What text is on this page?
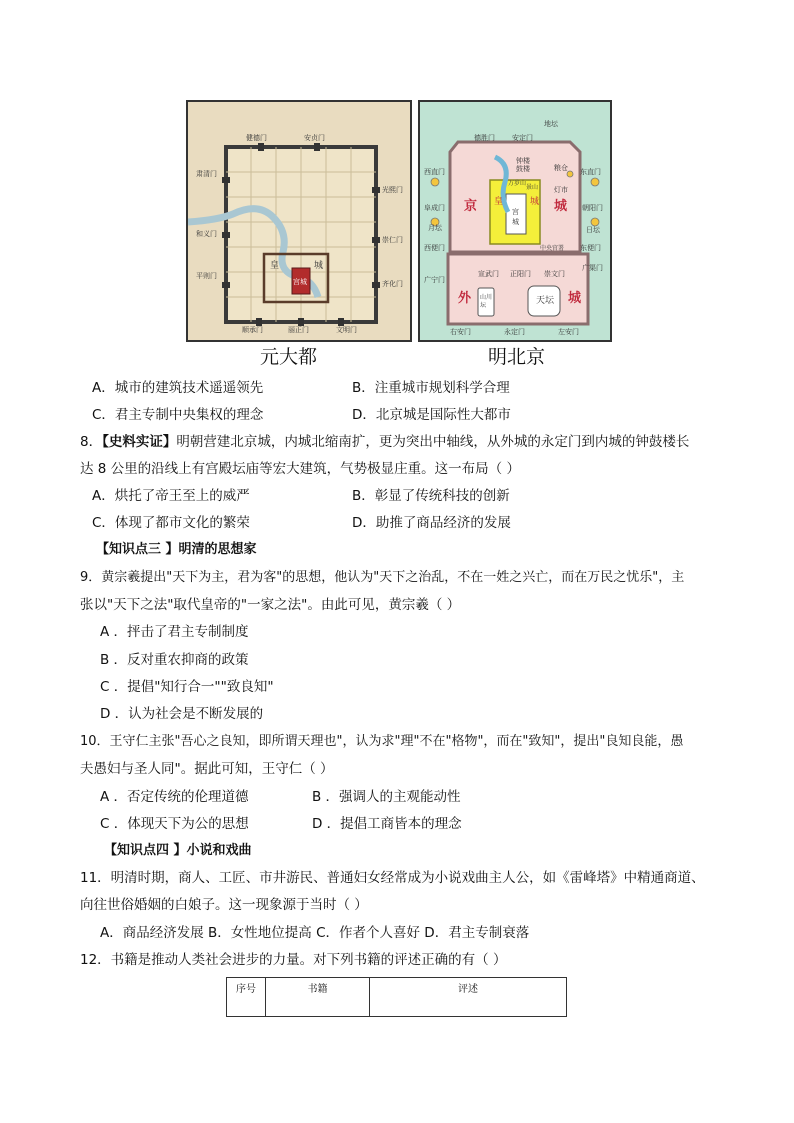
健德门	安贞门
肃清门
和义门
平则门
光熙门
崇仁门
齐化门
顺承门	丽正门	文明门
皇	城
宫城
德胜门 安定门
地坛
钟楼
鼓楼
景山
万岁山
西直门
阜成门
月坛
西便门
广宁门
东直门
朝阳门
日坛
东便门
广渠门
京	城
皇	城
宫
城
粮仓
灯市
中央官署
宣武门 正阳门 崇文门
外	城
山川坛	天坛
右安门	永定门	左安门
元大都	明北京
A．城市的建筑技术遥遥领先	B．注重城市规划科学合理
C．君主专制中央集权的理念	D．北京城是国际性大都市
8．【史料实证】明朝营建北京城，内城北缩南扩，更为突出中轴线，从外城的永定门到内城的钟鼓楼长
达 8 公里的沿线上有宫殿坛庙等宏大建筑，气势极显庄重。这一布局（ ）
A．烘托了帝王至上的威严	B．彰显了传统科技的创新
C．体现了都市文化的繁荣	D．助推了商品经济的发展
【知识点三 】明清的思想家
9．黄宗羲提出"天下为主，君为客"的思想，他认为"天下之治乱，不在一姓之兴亡，而在万民之忧乐"，主
张以"天下之法"取代皇帝的"一家之法"。由此可见，黄宗羲（ ）
A ．抨击了君主专制制度
B ．反对重农抑商的政策
C ．提倡"知行合一""致良知"
D ．认为社会是不断发展的
10．王守仁主张"吾心之良知，即所谓天理也"，认为求"理"不在"格物"，而在"致知"，提出"良知良能，愚
夫愚妇与圣人同"。据此可知，王守仁（ ）
A ．否定传统的伦理道德	B ．强调人的主观能动性
C ．体现天下为公的思想	D ．提倡工商皆本的理念
【知识点四 】小说和戏曲
11．明清时期，商人、工匠、市井游民、普通妇女经常成为小说戏曲主人公，如《雷峰塔》中精通商道、
向往世俗婚姻的白娘子。这一现象源于当时（ ）
A．商品经济发展 B．女性地位提高 C．作者个人喜好 D．君主专制衰落
12．书籍是推动人类社会进步的力量。对下列书籍的评述正确的有（ ）
序号	书籍	评述
